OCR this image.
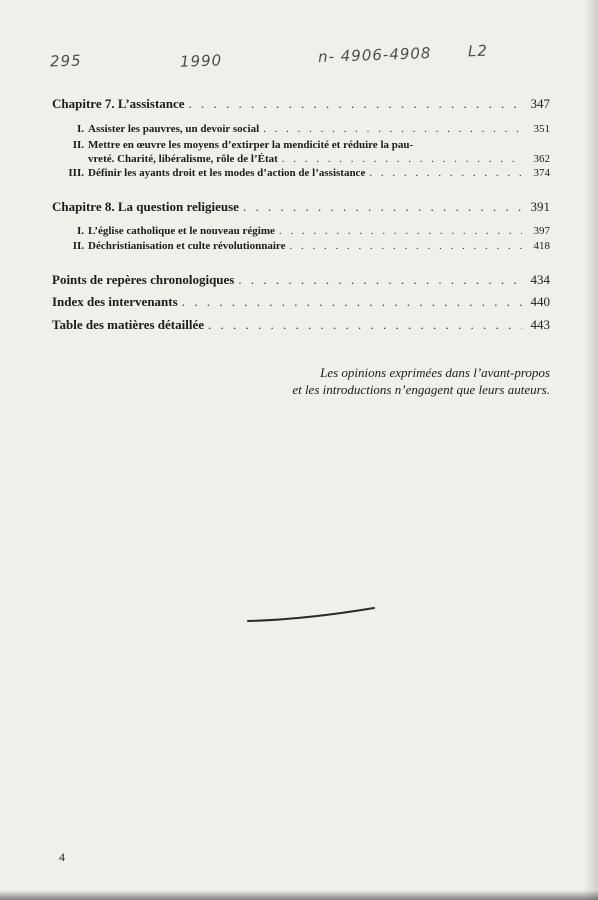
295	1990	n- 4906-4908 L2
Chapitre 7. L’assistance . . .	347
I. Assister les pauvres, un devoir social . . .	351
II. Mettre en œuvre les moyens d’extirper la mendicité et réduire la pau-
vreté. Charité, libéralisme, rôle de l’État . . .	362
III. Définir les ayants droit et les modes d’action de l’assistance . . .	374
Chapitre 8. La question religieuse . . .	391
I. L’église catholique et le nouveau régime . . .	397
II. Déchristianisation et culte révolutionnaire . . .	418
Points de repères chronologiques . . .	434
Index des intervenants . . .	440
Table des matières détaillée . . .	443
Les opinions exprimées dans l’avant-propos
et les introductions n’engagent que leurs auteurs.
4
